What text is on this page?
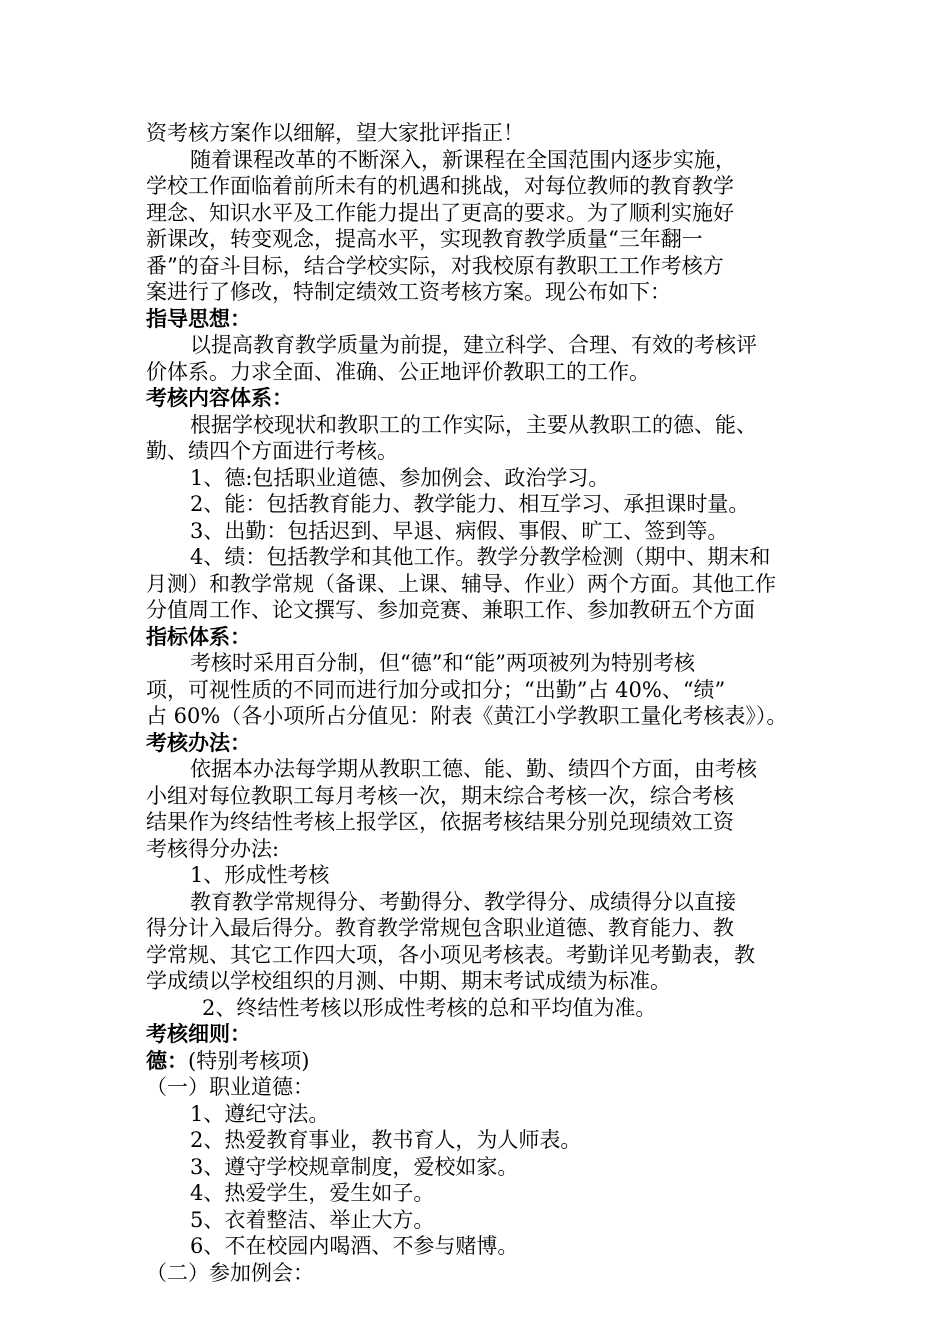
资考核方案作以细解，望大家批评指正！
随着课程改革的不断深入，新课程在全国范围内逐步实施，
学校工作面临着前所未有的机遇和挑战，对每位教师的教育教学
理念、知识水平及工作能力提出了更高的要求。为了顺利实施好
新课改，转变观念，提高水平，实现教育教学质量“三年翻一
番”的奋斗目标，结合学校实际，对我校原有教职工工作考核方
案进行了修改，特制定绩效工资考核方案。现公布如下：
指导思想：
以提高教育教学质量为前提，建立科学、合理、有效的考核评
价体系。力求全面、准确、公正地评价教职工的工作。
考核内容体系：
根据学校现状和教职工的工作实际，主要从教职工的德、能、
勤、绩四个方面进行考核。
1、德:包括职业道德、参加例会、政治学习。
2、能：包括教育能力、教学能力、相互学习、承担课时量。
3、出勤：包括迟到、早退、病假、事假、旷工、签到等。
4、绩：包括教学和其他工作。教学分教学检测（期中、期末和
月测）和教学常规（备课、上课、辅导、作业）两个方面。其他工作
分值周工作、论文撰写、参加竞赛、兼职工作、参加教研五个方面
指标体系：
考核时采用百分制，但“德”和“能”两项被列为特别考核
项，可视性质的不同而进行加分或扣分；“出勤”占 40%、“绩”
占 60%（各小项所占分值见：附表《黄江小学教职工量化考核表》）。
考核办法：
依据本办法每学期从教职工德、能、勤、绩四个方面，由考核
小组对每位教职工每月考核一次，期末综合考核一次，综合考核
结果作为终结性考核上报学区，依据考核结果分别兑现绩效工资
考核得分办法:
1、形成性考核
教育教学常规得分、考勤得分、教学得分、成绩得分以直接
得分计入最后得分。教育教学常规包含职业道德、教育能力、教
学常规、其它工作四大项，各小项见考核表。考勤详见考勤表，教
学成绩以学校组织的月测、中期、期末考试成绩为标准。
2、终结性考核以形成性考核的总和平均值为准。
考核细则：
德：(特别考核项)
（一）职业道德：
1、遵纪守法。
2、热爱教育事业，教书育人，为人师表。
3、遵守学校规章制度，爱校如家。
4、热爱学生，爱生如子。
5、衣着整洁、举止大方。
6、不在校园内喝酒、不参与赌博。
（二）参加例会：
